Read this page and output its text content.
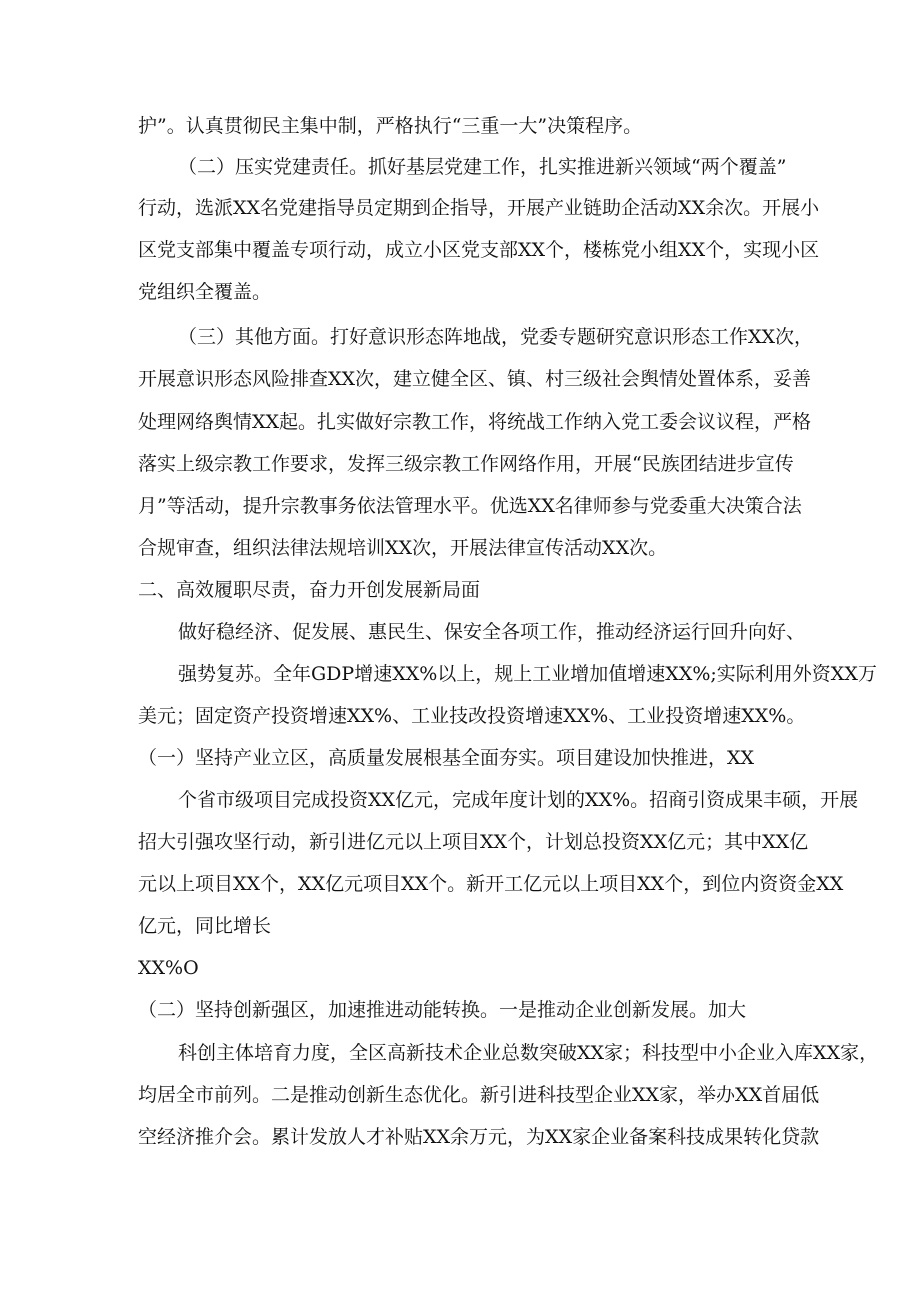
护”。认真贯彻民主集中制，严格执行“三重一大”决策程序。

（二）压实党建责任。抓好基层党建工作，扎实推进新兴领域“两个覆盖”

行动，选派XX名党建指导员定期到企指导，开展产业链助企活动XX余次。开展小

区党支部集中覆盖专项行动，成立小区党支部XX个，楼栋党小组XX个，实现小区

党组织全覆盖。

（三）其他方面。打好意识形态阵地战，党委专题研究意识形态工作XX次，

开展意识形态风险排查XX次，建立健全区、镇、村三级社会舆情处置体系，妥善

处理网络舆情XX起。扎实做好宗教工作，将统战工作纳入党工委会议议程，严格

落实上级宗教工作要求，发挥三级宗教工作网络作用，开展“民族团结进步宣传

月”等活动，提升宗教事务依法管理水平。优选XX名律师参与党委重大决策合法

合规审查，组织法律法规培训XX次，开展法律宣传活动XX次。

二、高效履职尽责，奋力开创发展新局面

做好稳经济、促发展、惠民生、保安全各项工作，推动经济运行回升向好、

强势复苏。全年GDP增速XX%以上，规上工业增加值增速XX%;实际利用外资XX万

美元；固定资产投资增速XX%、工业技改投资增速XX%、工业投资增速XX%。

（一）坚持产业立区，高质量发展根基全面夯实。项目建设加快推进，XX

个省市级项目完成投资XX亿元，完成年度计划的XX%。招商引资成果丰硕，开展

招大引强攻坚行动，新引进亿元以上项目XX个，计划总投资XX亿元；其中XX亿

元以上项目XX个，XX亿元项目XX个。新开工亿元以上项目XX个，到位内资资金XX

亿元，同比增长

XX%O

（二）坚持创新强区，加速推进动能转换。一是推动企业创新发展。加大

科创主体培育力度，全区高新技术企业总数突破XX家；科技型中小企业入库XX家，

均居全市前列。二是推动创新生态优化。新引进科技型企业XX家，举办XX首届低

空经济推介会。累计发放人才补贴XX余万元，为XX家企业备案科技成果转化贷款
